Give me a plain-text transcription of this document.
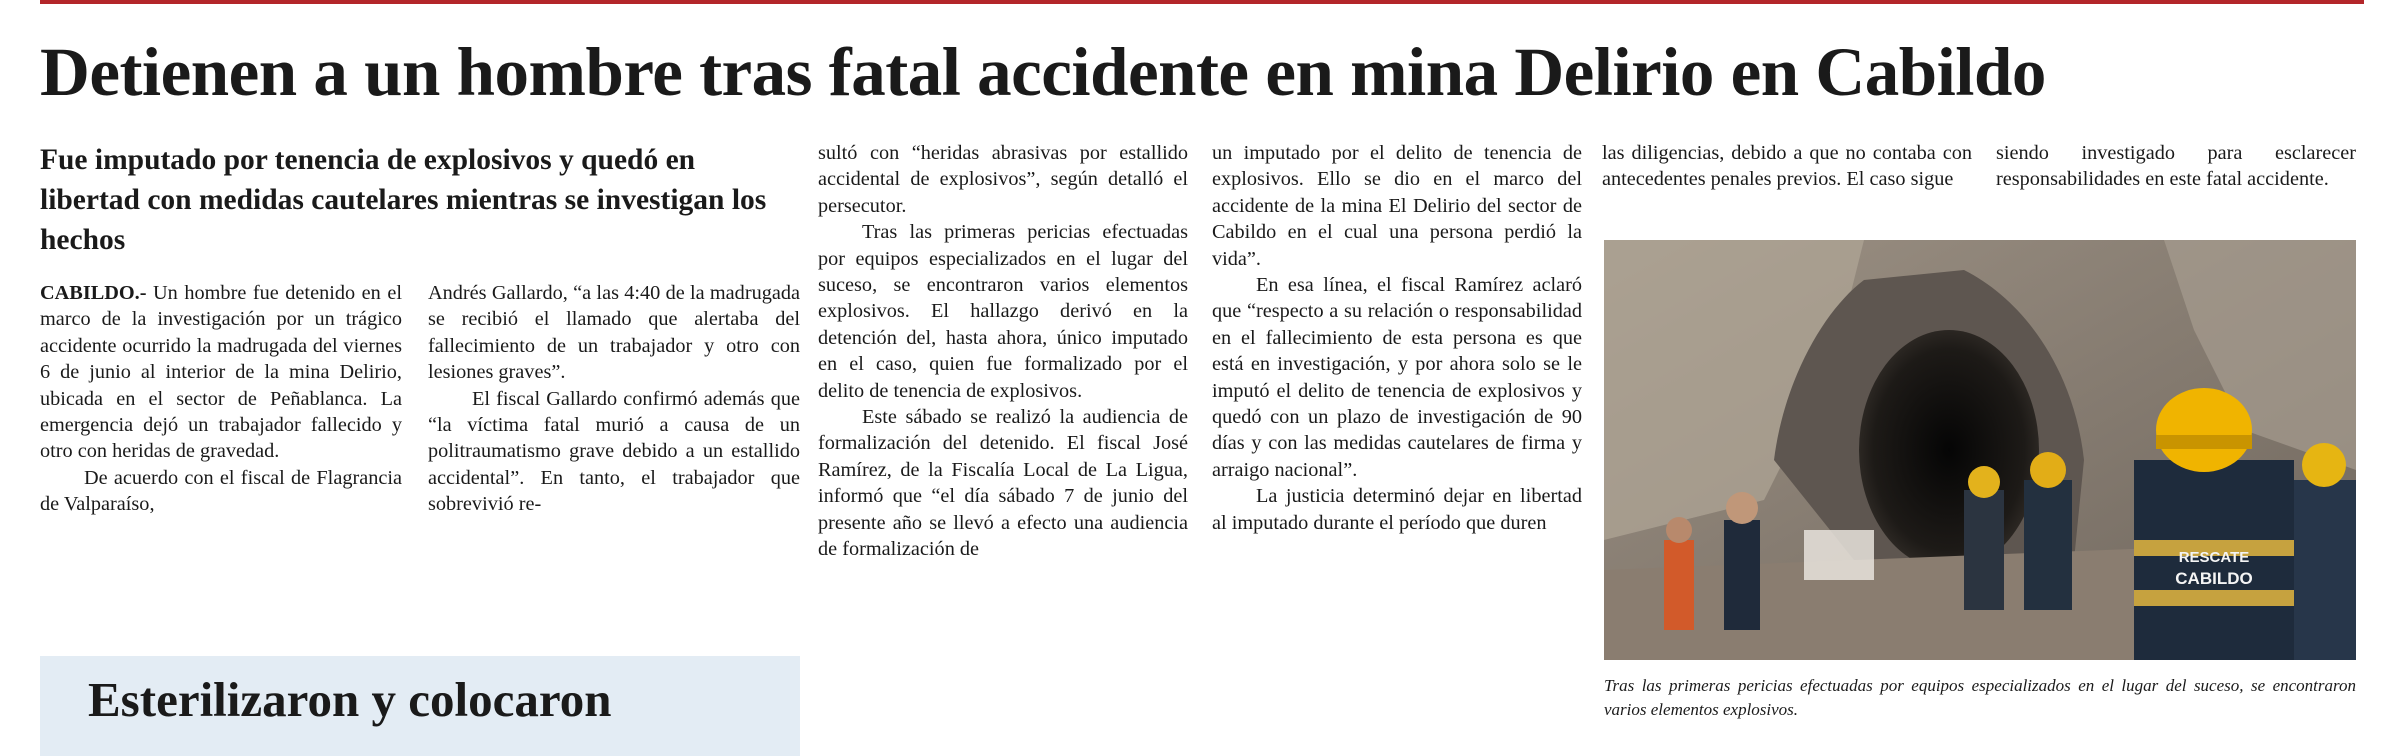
Detienen a un hombre tras fatal accidente en mina Delirio en Cabildo
Fue imputado por tenencia de explosivos y quedó en libertad con medidas cautelares mientras se investigan los hechos

CABILDO.- Un hombre fue detenido en el marco de la investigación por un trágico accidente ocurrido la madrugada del viernes 6 de junio al interior de la mina Delirio, ubicada en el sector de Peñablanca. La emergencia dejó un trabajador fallecido y otro con heridas de gravedad.

De acuerdo con el fiscal de Flagrancia de Valparaíso,

Andrés Gallardo, “a las 4:40 de la madrugada se recibió el llamado que alertaba del fallecimiento de un trabajador y otro con lesiones graves”.

El fiscal Gallardo confirmó además que “la víctima fatal murió a causa de un politraumatismo grave debido a un estallido accidental”. En tanto, el trabajador que sobrevivió re-

sultó con “heridas abrasivas por estallido accidental de explosivos”, según detalló el persecutor.

Tras las primeras pericias efectuadas por equipos especializados en el lugar del suceso, se encontraron varios elementos explosivos. El hallazgo derivó en la detención del, hasta ahora, único imputado en el caso, quien fue formalizado por el delito de tenencia de explosivos.

Este sábado se realizó la audiencia de formalización del detenido. El fiscal José Ramírez, de la Fiscalía Local de La Ligua, informó que “el día sábado 7 de junio del presente año se llevó a efecto una audiencia de formalización de

un imputado por el delito de tenencia de explosivos. Ello se dio en el marco del accidente de la mina El Delirio del sector de Cabildo en el cual una persona perdió la vida”.

En esa línea, el fiscal Ramírez aclaró que “respecto a su relación o responsabilidad en el fallecimiento de esta persona es que está en investigación, y por ahora solo se le imputó el delito de tenencia de explosivos y quedó con un plazo de investigación de 90 días y con las medidas cautelares de firma y arraigo nacional”.

La justicia determinó dejar en libertad al imputado durante el período que duren

las diligencias, debido a que no contaba con antecedentes penales previos. El caso sigue

siendo investigado para esclarecer responsabilidades en este fatal accidente.

RESCATE
CABILDO

Tras las primeras pericias efectuadas por equipos especializados en el lugar del suceso, se encontraron varios elementos explosivos.

Esterilizaron y colocaron
